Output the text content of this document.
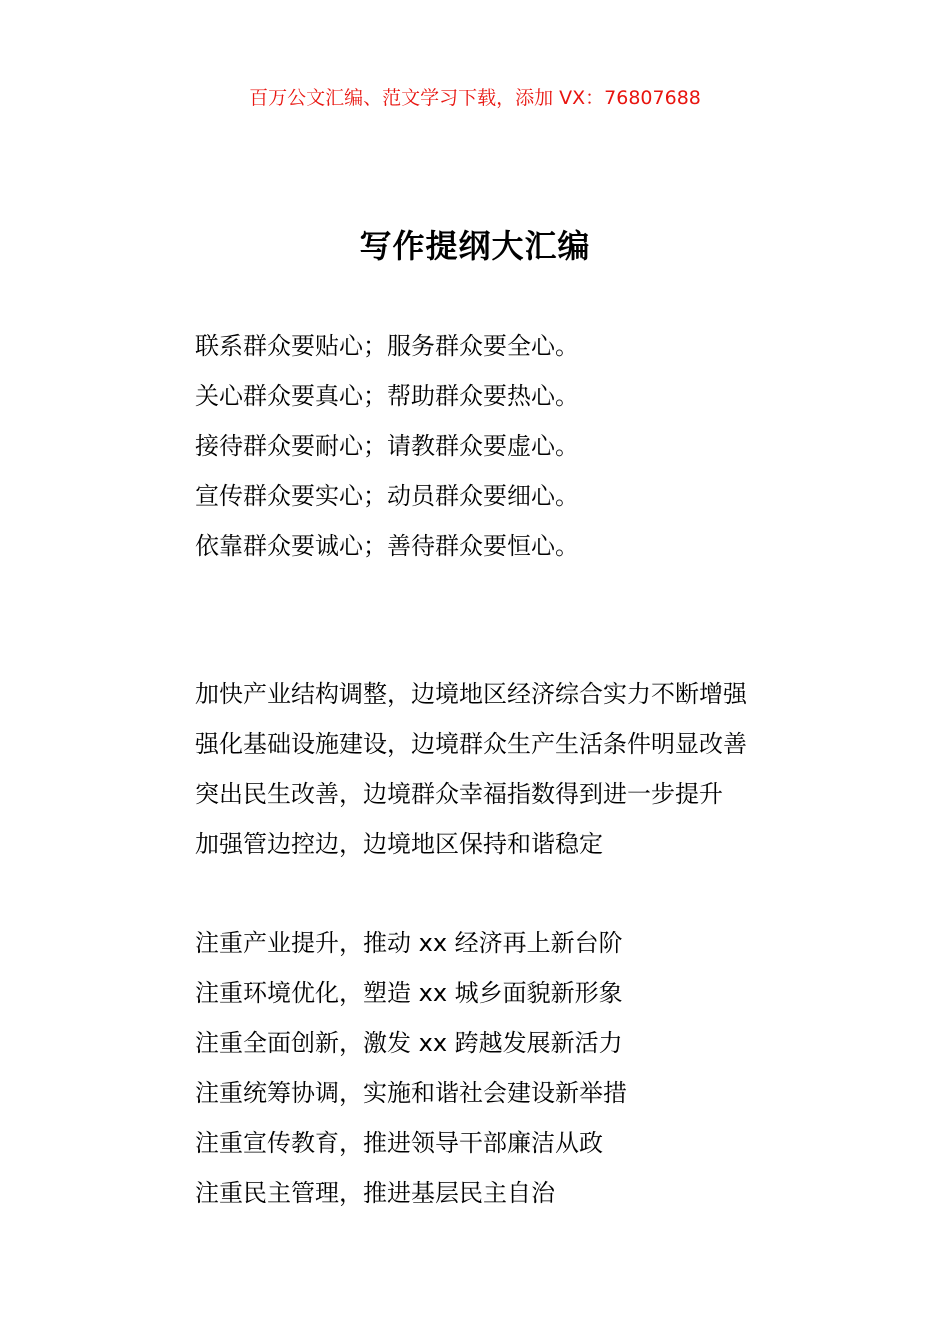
百万公文汇编、范文学习下载，添加 VX：76807688
写作提纲大汇编
联系群众要贴心；服务群众要全心。
关心群众要真心；帮助群众要热心。
接待群众要耐心；请教群众要虚心。
宣传群众要实心；动员群众要细心。
依靠群众要诚心；善待群众要恒心。
加快产业结构调整，边境地区经济综合实力不断增强
强化基础设施建设，边境群众生产生活条件明显改善
突出民生改善，边境群众幸福指数得到进一步提升
加强管边控边，边境地区保持和谐稳定
注重产业提升，推动 xx 经济再上新台阶
注重环境优化，塑造 xx 城乡面貌新形象
注重全面创新，激发 xx 跨越发展新活力
注重统筹协调，实施和谐社会建设新举措
注重宣传教育，推进领导干部廉洁从政
注重民主管理，推进基层民主自治
